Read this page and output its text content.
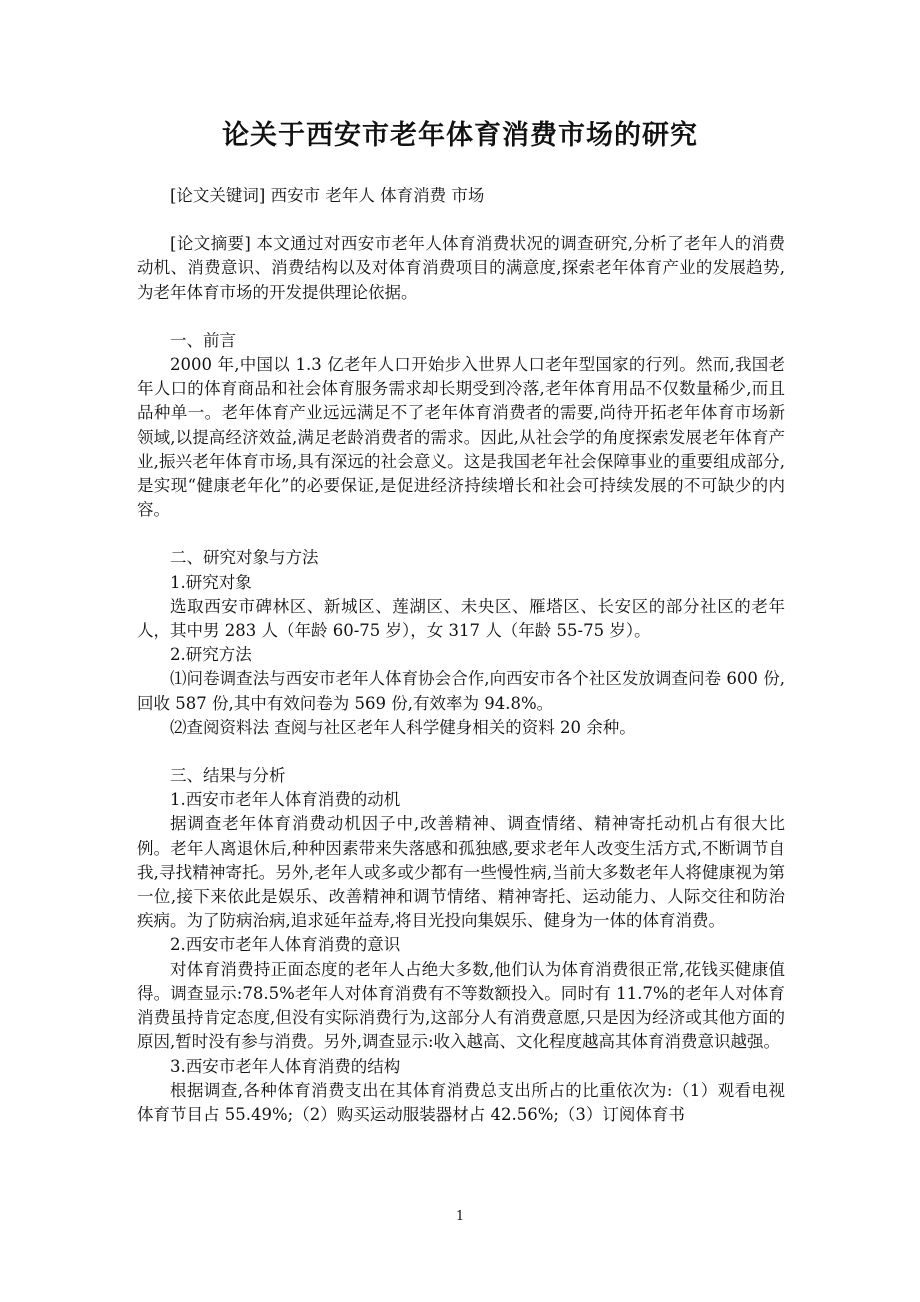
论关于西安市老年体育消费市场的研究

[论文关键词] 西安市 老年人 体育消费 市场

[论文摘要] 本文通过对西安市老年人体育消费状况的调查研究,分析了老年人的消费动机、消费意识、消费结构以及对体育消费项目的满意度,探索老年体育产业的发展趋势,为老年体育市场的开发提供理论依据。

一、前言

2000 年,中国以 1.3 亿老年人口开始步入世界人口老年型国家的行列。然而,我国老年人口的体育商品和社会体育服务需求却长期受到冷落,老年体育用品不仅数量稀少,而且品种单一。老年体育产业远远满足不了老年体育消费者的需要,尚待开拓老年体育市场新领域,以提高经济效益,满足老龄消费者的需求。因此,从社会学的角度探索发展老年体育产业,振兴老年体育市场,具有深远的社会意义。这是我国老年社会保障事业的重要组成部分,是实现“健康老年化”的必要保证,是促进经济持续增长和社会可持续发展的不可缺少的内容。

二、研究对象与方法

1.研究对象

选取西安市碑林区、新城区、莲湖区、未央区、雁塔区、长安区的部分社区的老年人，其中男 283 人（年龄 60-75 岁），女 317 人（年龄 55-75 岁）。

2.研究方法

⑴问卷调查法与西安市老年人体育协会合作,向西安市各个社区发放调查问卷 600 份,回收 587 份,其中有效问卷为 569 份,有效率为 94.8%。

⑵查阅资料法 查阅与社区老年人科学健身相关的资料 20 余种。

三、结果与分析

1.西安市老年人体育消费的动机

据调查老年体育消费动机因子中,改善精神、调查情绪、精神寄托动机占有很大比例。老年人离退休后,种种因素带来失落感和孤独感,要求老年人改变生活方式,不断调节自我,寻找精神寄托。另外,老年人或多或少都有一些慢性病,当前大多数老年人将健康视为第一位,接下来依此是娱乐、改善精神和调节情绪、精神寄托、运动能力、人际交往和防治疾病。为了防病治病,追求延年益寿,将目光投向集娱乐、健身为一体的体育消费。

2.西安市老年人体育消费的意识

对体育消费持正面态度的老年人占绝大多数,他们认为体育消费很正常,花钱买健康值得。调查显示:78.5%老年人对体育消费有不等数额投入。同时有 11.7%的老年人对体育消费虽持肯定态度,但没有实际消费行为,这部分人有消费意愿,只是因为经济或其他方面的原因,暂时没有参与消费。另外,调查显示:收入越高、文化程度越高其体育消费意识越强。

3.西安市老年人体育消费的结构

根据调查,各种体育消费支出在其体育消费总支出所占的比重依次为:（1）观看电视体育节目占 55.49%;（2）购买运动服装器材占 42.56%;（3）订阅体育书

1
